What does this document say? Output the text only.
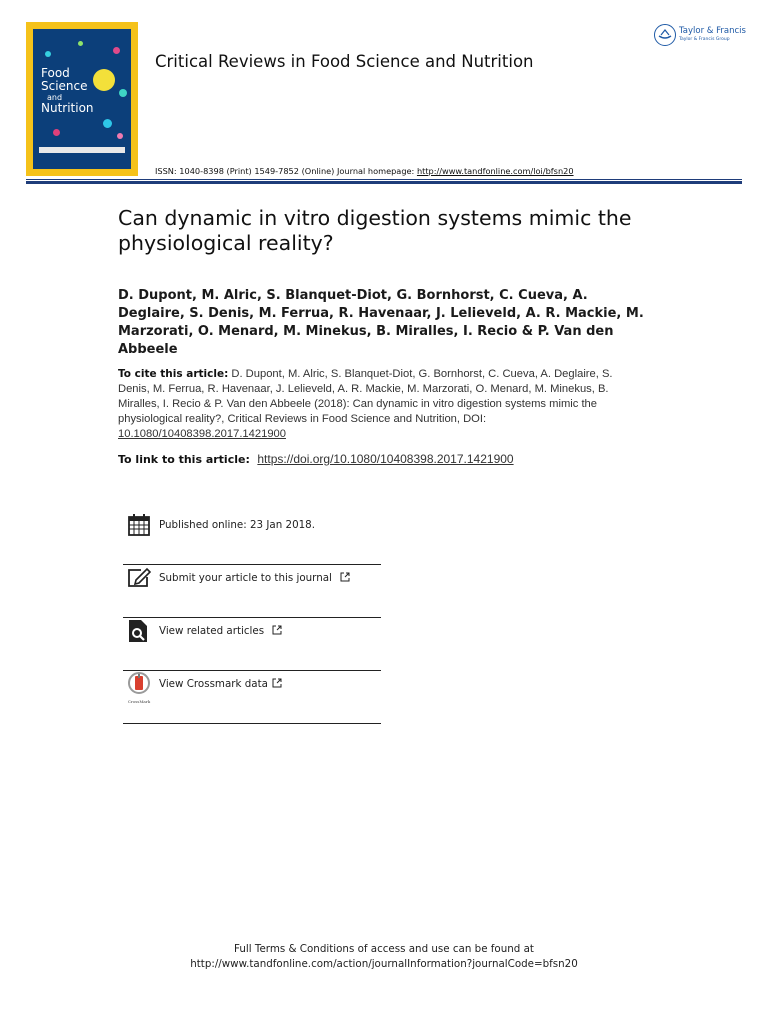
Food
Science
and
Nutrition
Critical Reviews in Food Science and Nutrition
ISSN: 1040-8398 (Print) 1549-7852 (Online) Journal homepage: http://www.tandfonline.com/loi/bfsn20
Taylor & Francis
Taylor & Francis Group
Can dynamic in vitro digestion systems mimic the physiological reality?
D. Dupont, M. Alric, S. Blanquet-Diot, G. Bornhorst, C. Cueva, A. Deglaire, S. Denis, M. Ferrua, R. Havenaar, J. Lelieveld, A. R. Mackie, M. Marzorati, O. Menard, M. Minekus, B. Miralles, I. Recio & P. Van den Abbeele
To cite this article: D. Dupont, M. Alric, S. Blanquet-Diot, G. Bornhorst, C. Cueva, A. Deglaire, S. Denis, M. Ferrua, R. Havenaar, J. Lelieveld, A. R. Mackie, M. Marzorati, O. Menard, M. Minekus, B. Miralles, I. Recio & P. Van den Abbeele (2018): Can dynamic in vitro digestion systems mimic the physiological reality?, Critical Reviews in Food Science and Nutrition, DOI: 10.1080/10408398.2017.1421900
To link to this article: https://doi.org/10.1080/10408398.2017.1421900
Published online: 23 Jan 2018.
Submit your article to this journal
View related articles
CrossMark
View Crossmark data
Full Terms & Conditions of access and use can be found at
http://www.tandfonline.com/action/journalInformation?journalCode=bfsn20
